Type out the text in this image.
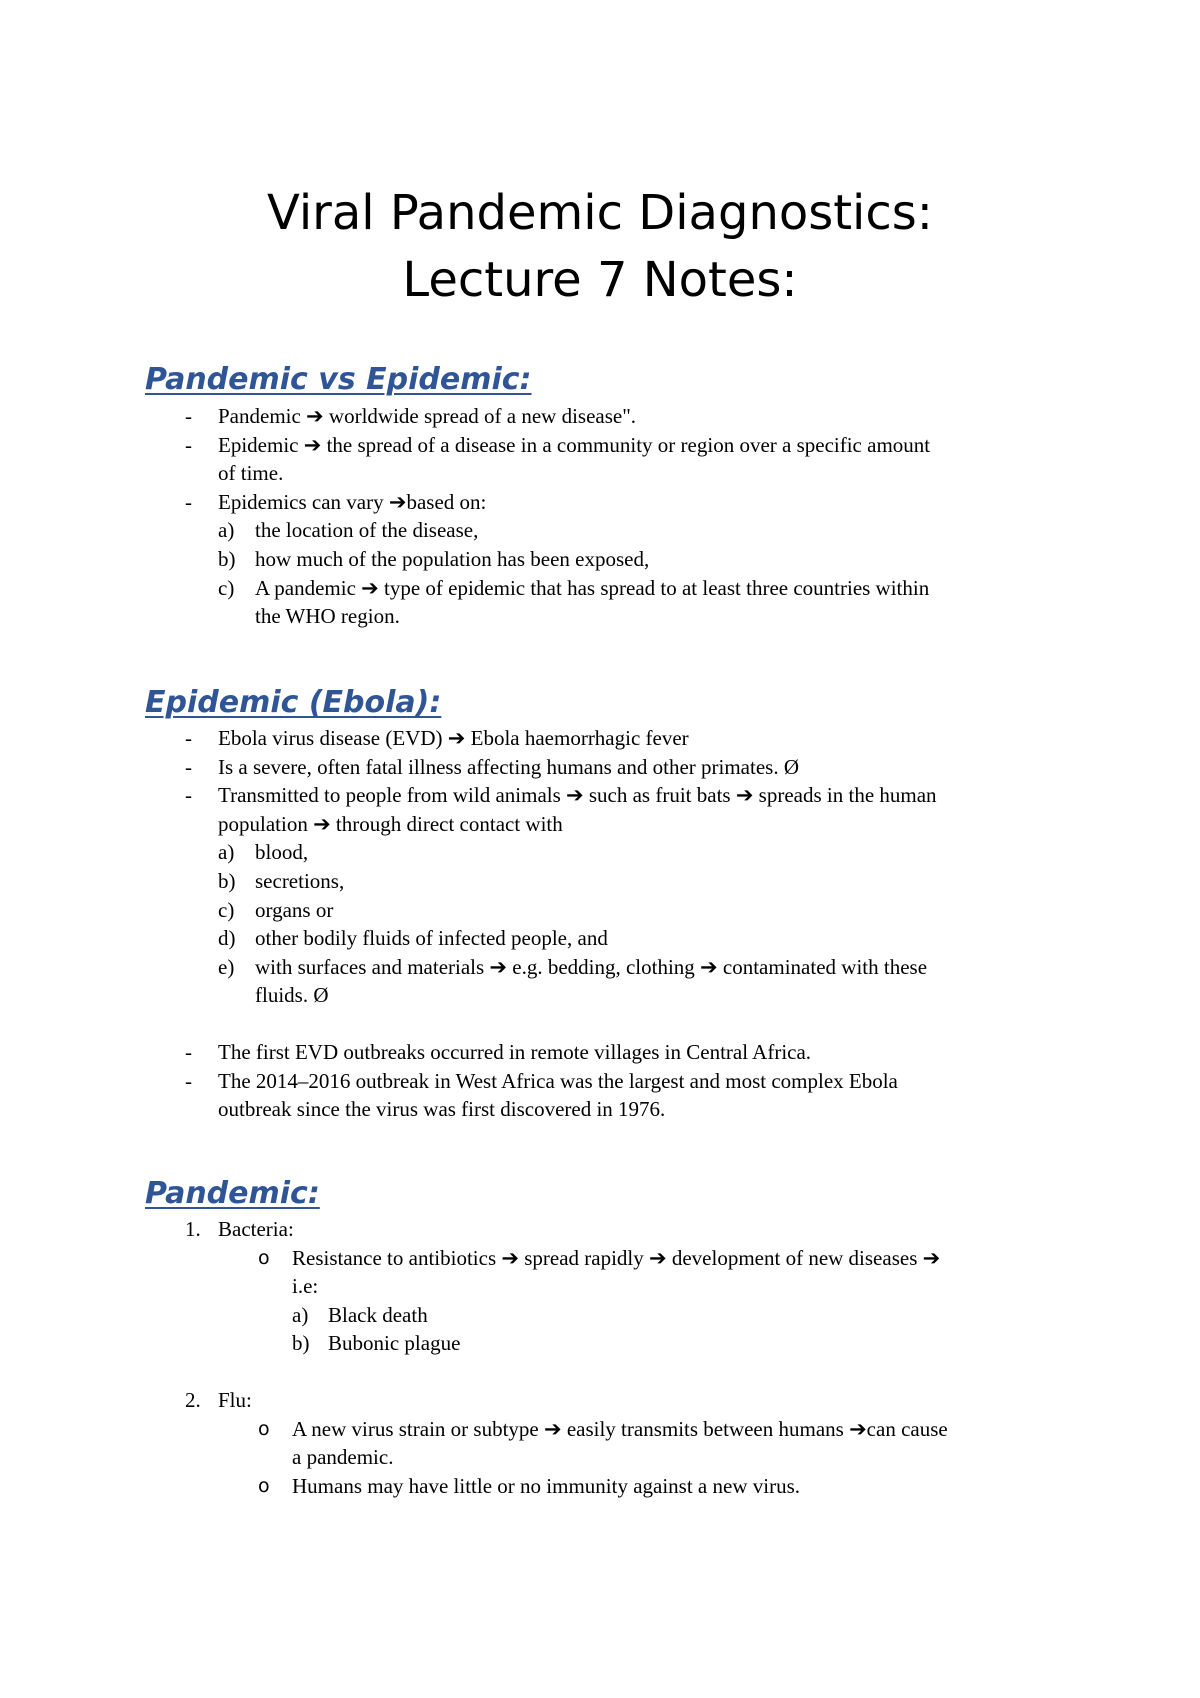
Viral Pandemic Diagnostics:
Lecture 7 Notes:
Pandemic vs Epidemic:
- Pandemic ➔ worldwide spread of a new disease".
- Epidemic ➔ the spread of a disease in a community or region over a specific amount
of time.
- Epidemics can vary ➔based on:
a) the location of the disease,
b) how much of the population has been exposed,
c) A pandemic ➔ type of epidemic that has spread to at least three countries within
the WHO region.
Epidemic (Ebola):
- Ebola virus disease (EVD) ➔ Ebola haemorrhagic fever
- Is a severe, often fatal illness affecting humans and other primates. Ø
- Transmitted to people from wild animals ➔ such as fruit bats ➔ spreads in the human
population ➔ through direct contact with
a) blood,
b) secretions,
c) organs or
d) other bodily fluids of infected people, and
e) with surfaces and materials ➔ e.g. bedding, clothing ➔ contaminated with these
fluids. Ø
- The first EVD outbreaks occurred in remote villages in Central Africa.
- The 2014–2016 outbreak in West Africa was the largest and most complex Ebola
outbreak since the virus was first discovered in 1976.
Pandemic:
1. Bacteria:
o Resistance to antibiotics ➔ spread rapidly ➔ development of new diseases ➔
i.e:
a) Black death
b) Bubonic plague
2. Flu:
o A new virus strain or subtype ➔ easily transmits between humans ➔can cause
a pandemic.
o Humans may have little or no immunity against a new virus.
